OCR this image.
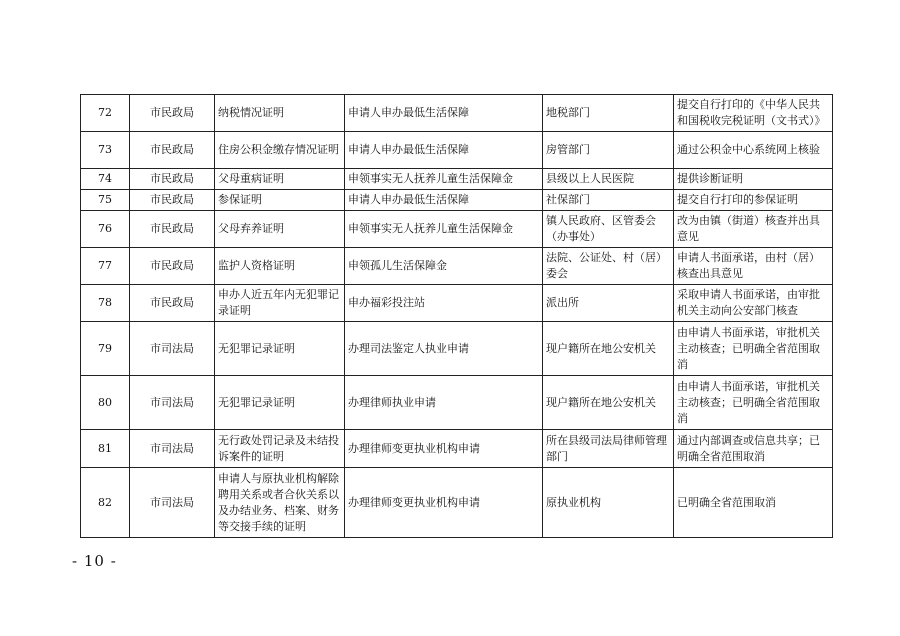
72	市民政局	纳税情况证明	申请人申办最低生活保障	地税部门	提交自行打印的《中华人民共和国税收完税证明（文书式）》
73	市民政局	住房公积金缴存情况证明	申请人申办最低生活保障	房管部门	通过公积金中心系统网上核验
74	市民政局	父母重病证明	申领事实无人抚养儿童生活保障金	县级以上人民医院	提供诊断证明
75	市民政局	参保证明	申请人申办最低生活保障	社保部门	提交自行打印的参保证明
76	市民政局	父母弃养证明	申领事实无人抚养儿童生活保障金	镇人民政府、区管委会（办事处）	改为由镇（街道）核查并出具意见
77	市民政局	监护人资格证明	申领孤儿生活保障金	法院、公证处、村（居）委会	申请人书面承诺，由村（居）核查出具意见
78	市民政局	申办人近五年内无犯罪记录证明	申办福彩投注站	派出所	采取申请人书面承诺，由审批机关主动向公安部门核查
79	市司法局	无犯罪记录证明	办理司法鉴定人执业申请	现户籍所在地公安机关	由申请人书面承诺，审批机关主动核查；已明确全省范围取消
80	市司法局	无犯罪记录证明	办理律师执业申请	现户籍所在地公安机关	由申请人书面承诺，审批机关主动核查；已明确全省范围取消
81	市司法局	无行政处罚记录及未结投诉案件的证明	办理律师变更执业机构申请	所在县级司法局律师管理部门	通过内部调查或信息共享；已明确全省范围取消
82	市司法局	申请人与原执业机构解除聘用关系或者合伙关系以及办结业务、档案、财务等交接手续的证明	办理律师变更执业机构申请	原执业机构	已明确全省范围取消
- 10 -
